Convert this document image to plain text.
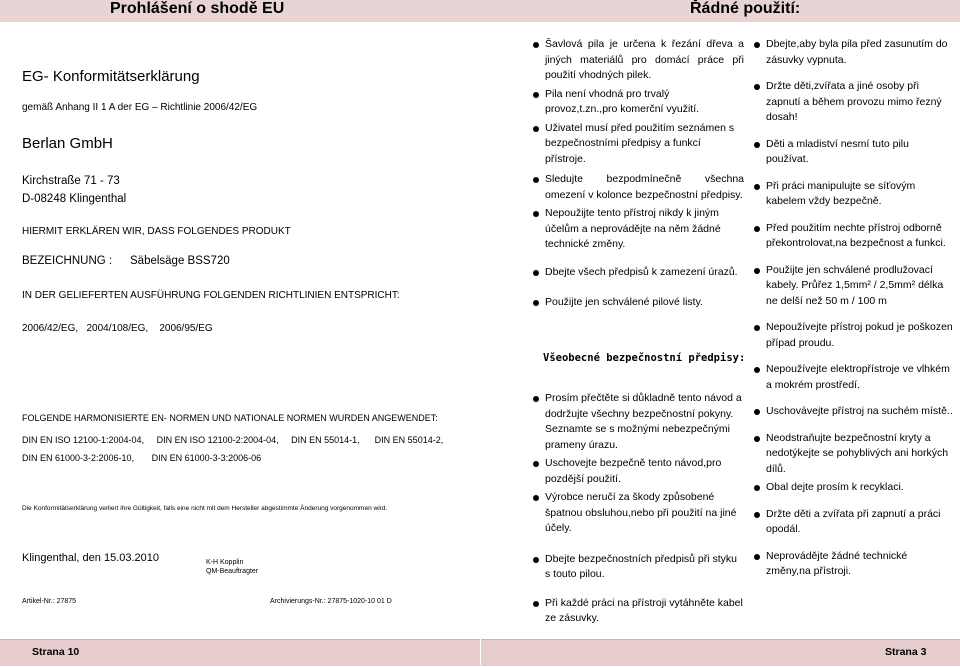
Prohlášení o shodě EU	Řádné použití:
EG- Konformitätserklärung
gemäß Anhang II 1 A der EG – Richtlinie 2006/42/EG
Berlan GmbH
Kirchstraße 71 - 73
D-08248 Klingenthal
HIERMIT ERKLÄREN WIR, DASS FOLGENDES PRODUKT
BEZEICHNUNG : Säbelsäge BSS720
IN DER GELIEFERTEN AUSFÜHRUNG FOLGENDEN RICHTLINIEN ENTSPRICHT:
2006/42/EG,   2004/108/EG,    2006/95/EG
FOLGENDE HARMONISIERTE EN- NORMEN UND NATIONALE NORMEN WURDEN ANGEWENDET:
DIN EN ISO 12100-1:2004-04,     DIN EN ISO 12100-2:2004-04,     DIN EN 55014-1,      DIN EN 55014-2,
DIN EN 61000-3-2:2006-10,       DIN EN 61000-3-3:2006-06
Die Konformitätserklärung verliert ihre Gültigkeit, falls eine nicht mit dem Hersteller abgestimmte Änderung vorgenommen wird.
Klingenthal, den 15.03.2010	K-H Kopplin
QM-Beauftragter
Artikel-Nr.: 27875	Archivierungs-Nr.: 27875-1020-10 01 D

Šavlová pila je určena k řezání dřeva a jiných materiálů pro domácí práce při použití vhodných pilek.

Pila není vhodná pro trvalý provoz,t.zn.,pro komerční využití.

Uživatel musí před použitím seznámen s bezpečnostními předpisy a funkcí přístroje.

Sledujte bezpodmínečně všechna omezení v kolonce bezpečnostní předpisy.

Nepoužijte tento přístroj nikdy k jiným účelům a neprovádějte na něm žádné technické změny.

Dbejte všech předpisů k zamezení úrazů.

Použijte jen schválené pilové listy.

Všeobecné bezpečnostní předpisy:

Prosím přečtěte si důkladně tento návod a dodržujte všechny bezpečnostní pokyny. Seznamte se s možnými nebezpečnými prameny úrazu.

Uschovejte bezpečně tento návod,pro pozdější použití.

Výrobce neručí za škody způsobené špatnou obsluhou,nebo při použití na jiné účely.

Dbejte bezpečnostních předpisů při styku s touto pilou.

Při každé práci na přístroji vytáhněte kabel ze zásuvky.

Dbejte,aby byla pila před zasunutím do zásuvky vypnuta.

Držte děti,zvířata a jiné osoby při zapnutí a během provozu mimo řezný dosah!

Děti a mladiství nesmí tuto pilu používat.

Při práci manipulujte se síťovým kabelem vždy bezpečně.

Před použitím nechte přístroj odborně překontrolovat,na bezpečnost a funkci.

Použijte jen schválené prodlužovací kabely. Průřez 1,5mm² / 2,5mm² délka ne delší než 50 m / 100 m

Nepoužívejte přístroj pokud je poškozen případ proudu.

Nepoužívejte elektropřístroje ve vlhkém a mokrém prostředí.

Uschovávejte přístroj na suchém místě..

Neodstraňujte bezpečnostní kryty a nedotýkejte se pohyblivých ani horkých dílů.

Obal dejte prosím k recyklaci.

Držte děti a zvířata při zapnutí a práci opodál.

Neprovádějte žádné technické změny,na přístroji.

Strana 10	Strana 3
